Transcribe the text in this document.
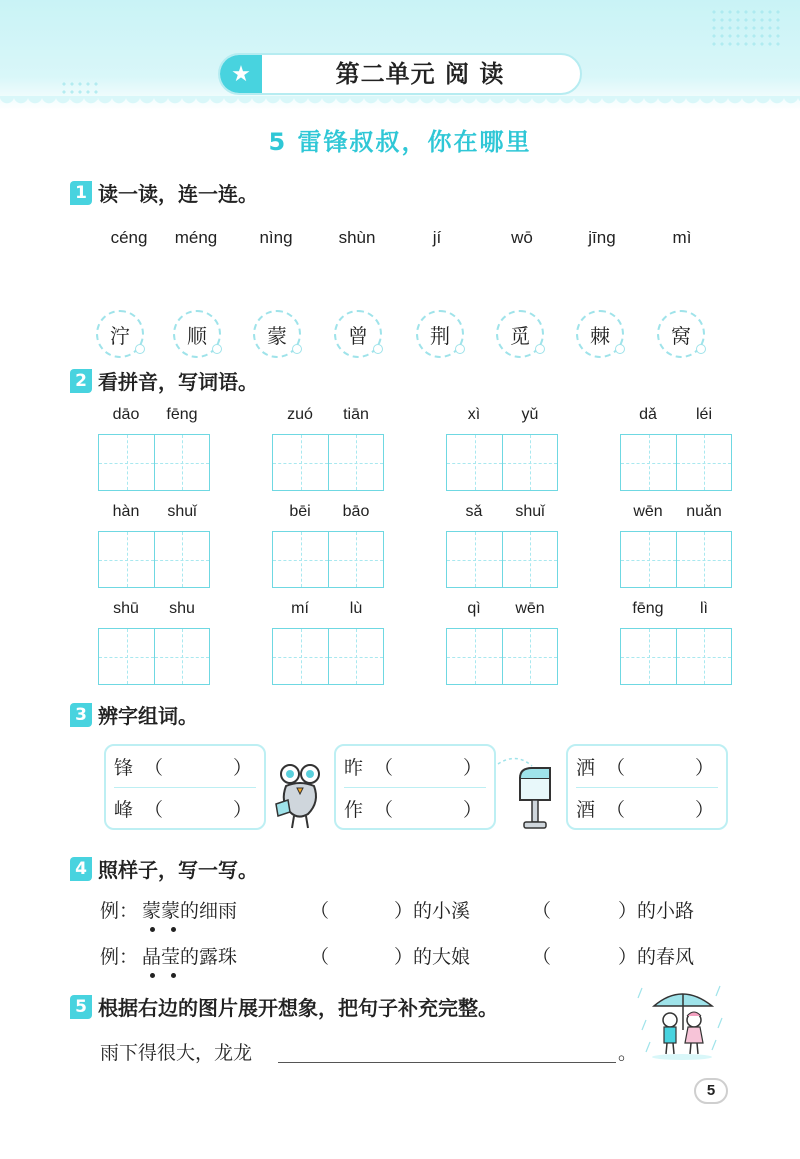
★	第二单元 阅 读
5 雷锋叔叔，你在哪里
1 读一读，连一连。
céng	méng	nìng	shùn	jí	wō	jīng	mì
泞	顺	蒙	曾	荆	觅	棘	窝
2 看拼音，写词语。
dāo	fēng	zuó	tiān	xì	yǔ	dǎ	léi
hàn	shuǐ	bēi	bāo	sǎ	shuǐ	wēn	nuǎn
shū	shu	mí	lù	qì	wēn	fēng	lì
3 辨字组词。
锋 （	）
峰 （	）
昨 （	）
作 （	）
洒 （	）
酒 （	）
4 照样子，写一写。
例： 蒙蒙的细雨	（	）的小溪	（	）的小路
例： 晶莹的露珠	（	）的大娘	（	）的春风
5 根据右边的图片展开想象，把句子补充完整。
雨下得很大，龙龙	。
5
